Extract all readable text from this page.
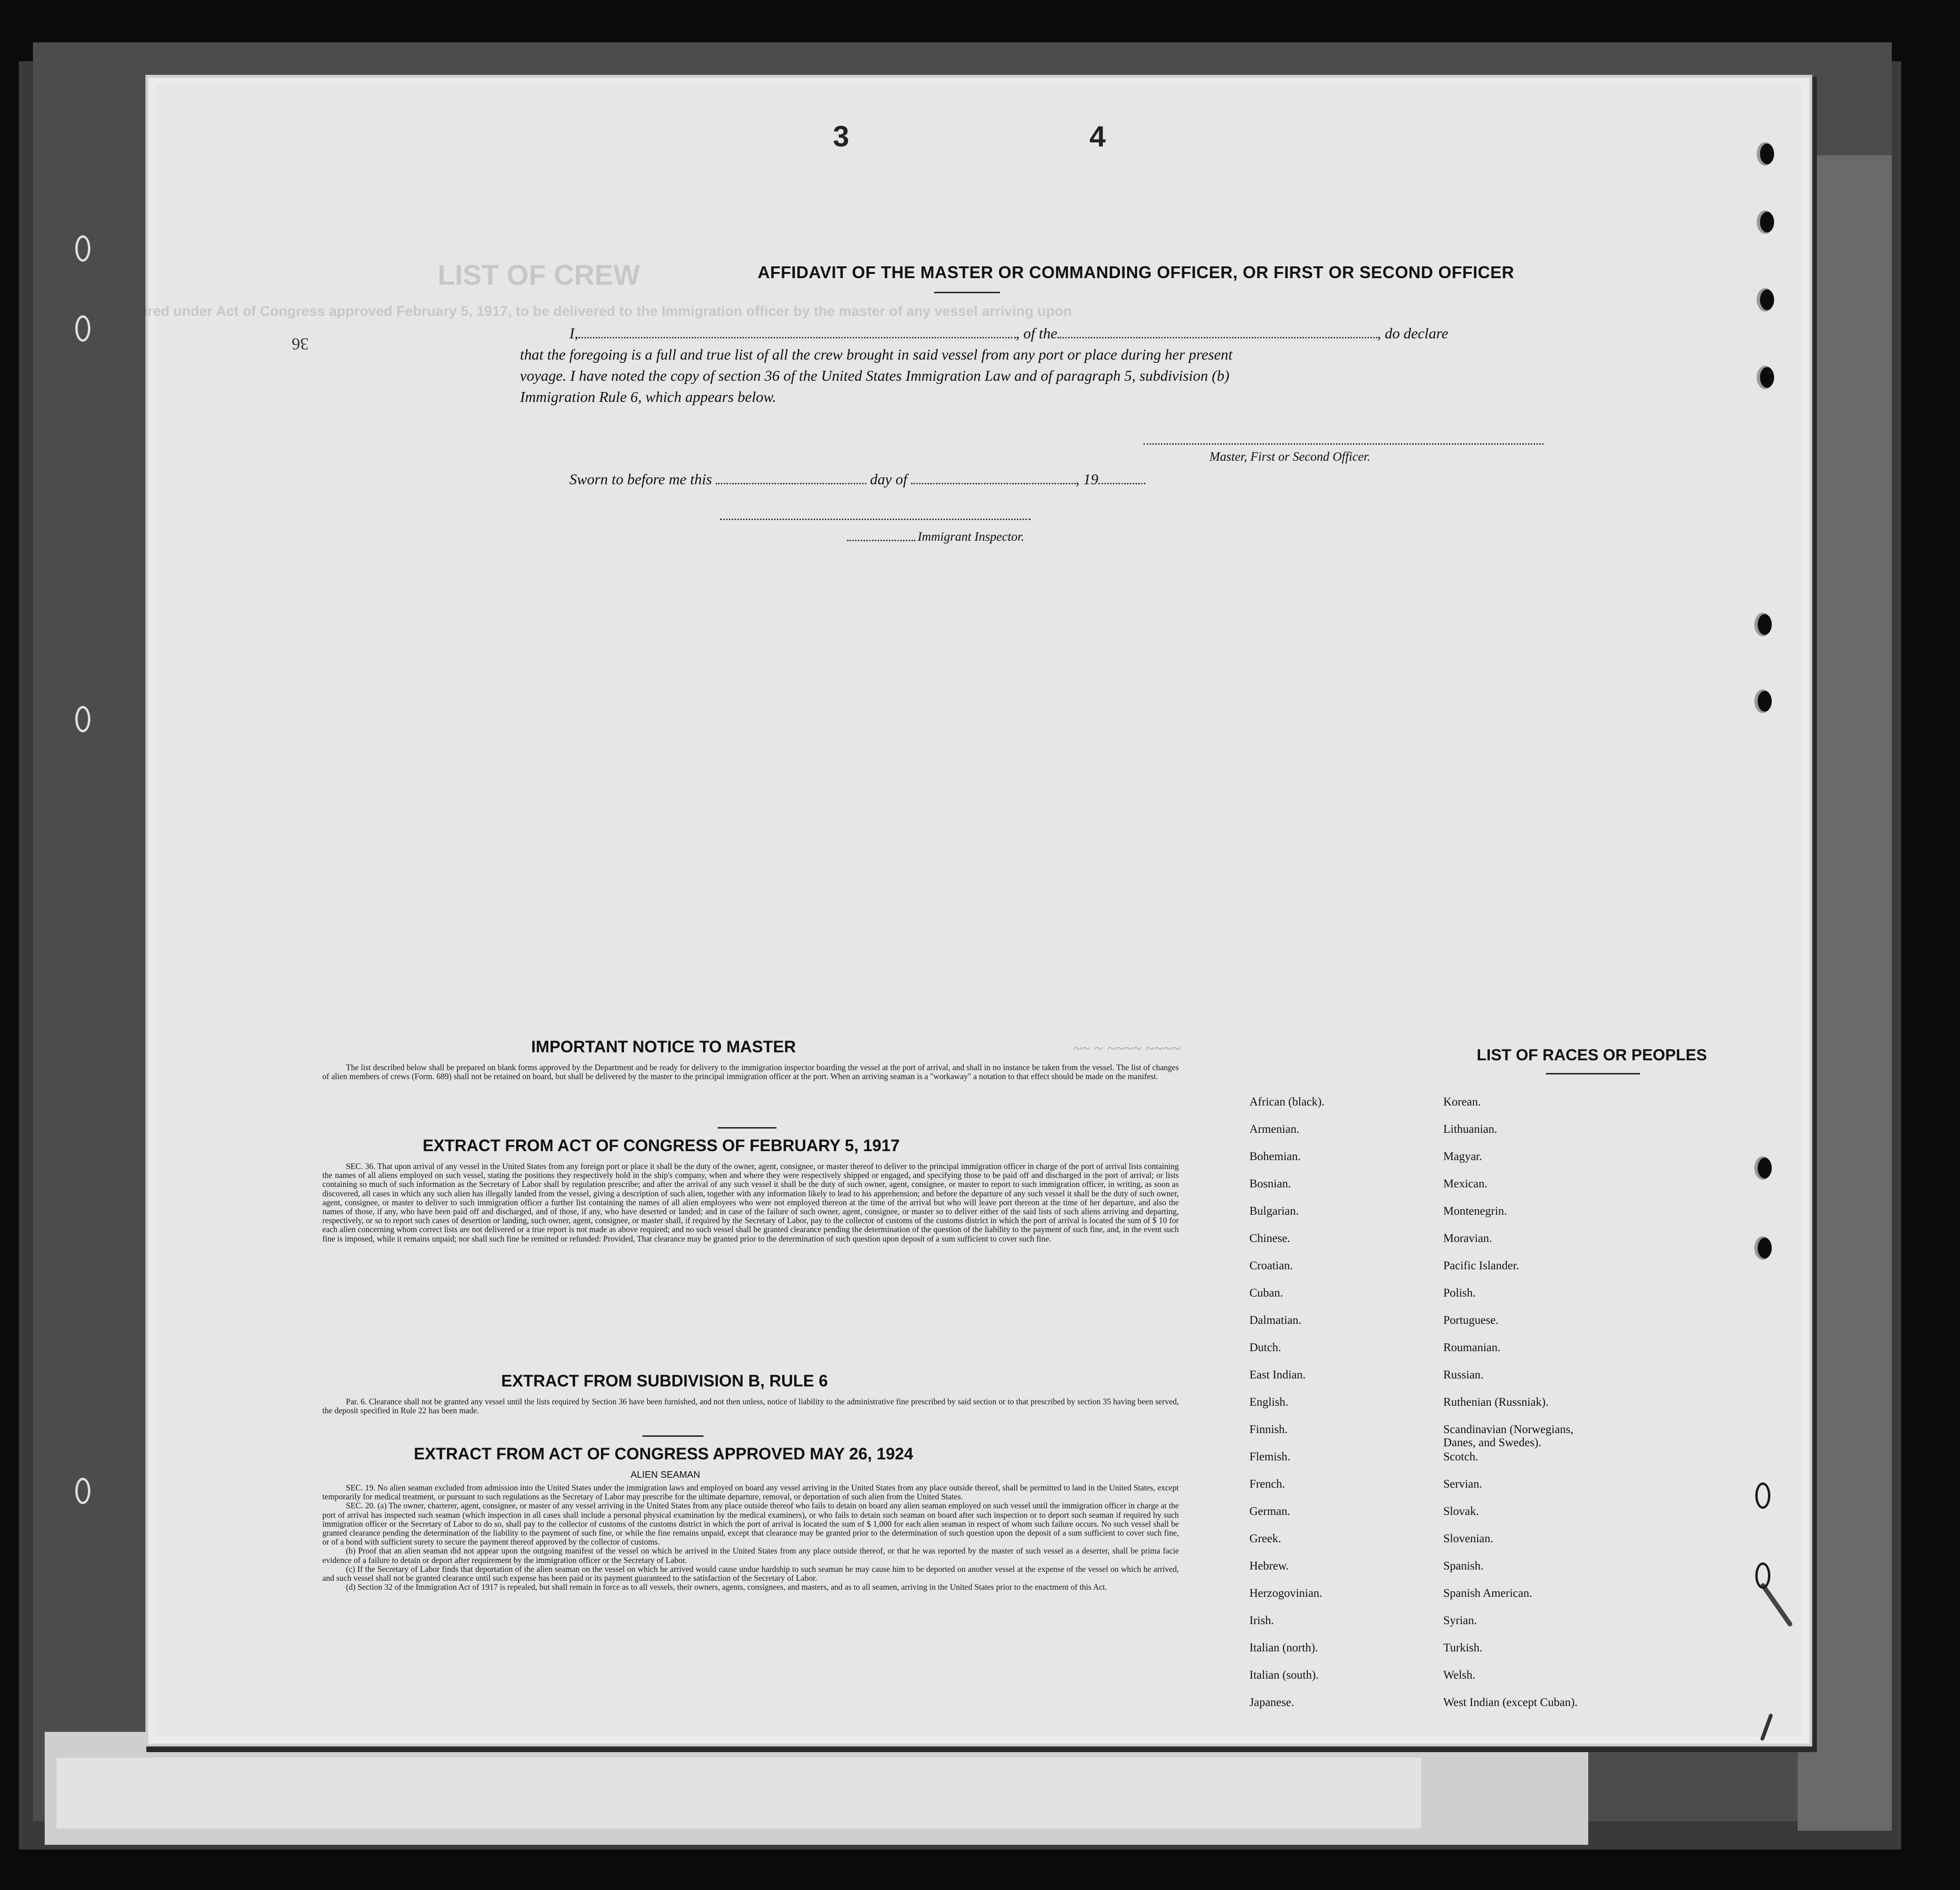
LIST OF CREW
Required under Act of Congress approved February 5, 1917, to be delivered to the Immigration officer by the master of any vessel arriving upon
3	4
36
AFFIDAVIT OF THE MASTER OR COMMANDING OFFICER, OR FIRST OR SECOND OFFICER
I,	, of the	, do declare
that the foregoing is a full and true list of all the crew brought in said vessel from any port or place during her present
voyage. I have noted the copy of section 36 of the United States Immigration Law and of paragraph 5, subdivision (b)
Immigration Rule 6, which appears below.
Master, First or Second Officer.
Sworn to before me this	day of	, 19
Immigrant Inspector.
~~ ~ ~~~~ ~~~~
IMPORTANT NOTICE TO MASTER

The list described below shall be prepared on blank forms approved by the Department and be ready for delivery to the immigration inspector boarding the vessel at the port of arrival, and shall in no instance be taken from the vessel. The list of changes of alien members of crews (Form. 689) shall not be retained on board, but shall be delivered by the master to the principal immigration officer at the port. When an arriving seaman is a "workaway" a notation to that effect should be made on the manifest.

EXTRACT FROM ACT OF CONGRESS OF FEBRUARY 5, 1917

SEC. 36. That upon arrival of any vessel in the United States from any foreign port or place it shall be the duty of the owner, agent, consignee, or master thereof to deliver to the principal immigration officer in charge of the port of arrival lists containing the names of all aliens employed on such vessel, stating the positions they respectively hold in the ship's company, when and where they were respectively shipped or engaged, and specifying those to be paid off and discharged in the port of arrival; or lists containing so much of such information as the Secretary of Labor shall by regulation prescribe; and after the arrival of any such vessel it shall be the duty of such owner, agent, consignee, or master to report to such immigration officer, in writing, as soon as discovered, all cases in which any such alien has illegally landed from the vessel, giving a description of such alien, together with any information likely to lead to his apprehension; and before the departure of any such vessel it shall be the duty of such owner, agent, consignee, or master to deliver to such immigration officer a further list containing the names of all alien employees who were not employed thereon at the time of the arrival but who will leave port thereon at the time of her departure, and also the names of those, if any, who have been paid off and discharged, and of those, if any, who have deserted or landed; and in case of the failure of such owner, agent, consignee, or master so to deliver either of the said lists of such aliens arriving and departing, respectively, or so to report such cases of desertion or landing, such owner, agent, consignee, or master shall, if required by the Secretary of Labor, pay to the collector of customs of the customs district in which the port of arrival is located the sum of $ 10 for each alien concerning whom correct lists are not delivered or a true report is not made as above required; and no such vessel shall be granted clearance pending the determination of the question of the liability to the payment of such fine, and, in the event such fine is imposed, while it remains unpaid; nor shall such fine be remitted or refunded: Provided, That clearance may be granted prior to the determination of such question upon deposit of a sum sufficient to cover such fine.

EXTRACT FROM SUBDIVISION B, RULE 6

Par. 6. Clearance shall not be granted any vessel until the lists required by Section 36 have been furnished, and not then unless, notice of liability to the administrative fine prescribed by said section or to that prescribed by section 35 having been served, the deposit specified in Rule 22 has been made.

EXTRACT FROM ACT OF CONGRESS APPROVED MAY 26, 1924
ALIEN SEAMAN

SEC. 19. No alien seaman excluded from admission into the United States under the immigration laws and employed on board any vessel arriving in the United States from any place outside thereof, shall be permitted to land in the United States, except temporarily for medical treatment, or pursuant to such regulations as the Secretary of Labor may prescribe for the ultimate departure, removal, or deportation of such alien from the United States.

SEC. 20. (a) The owner, charterer, agent, consignee, or master of any vessel arriving in the United States from any place outside thereof who fails to detain on board any alien seaman employed on such vessel until the immigration officer in charge at the port of arrival has inspected such seaman (which inspection in all cases shall include a personal physical examination by the medical examiners), or who fails to detain such seaman on board after such inspection or to deport such seaman if required by such immigration officer or the Secretary of Labor to do so, shall pay to the collector of customs of the customs district in which the port of arrival is located the sum of $ 1,000 for each alien seaman in respect of whom such failure occurs. No such vessel shall be granted clearance pending the determination of the liability to the payment of such fine, or while the fine remains unpaid, except that clearance may be granted prior to the determination of such question upon the deposit of a sum sufficient to cover such fine, or of a bond with sufficient surety to secure the payment thereof approved by the collector of customs.

(b) Proof that an alien seaman did not appear upon the outgoing manifest of the vessel on which he arrived in the United States from any place outside thereof, or that he was reported by the master of such vessel as a deserter, shall be prima facie evidence of a failure to detain or deport after requirement by the immigration officer or the Secretary of Labor.

(c) If the Secretary of Labor finds that deportation of the alien seaman on the vessel on which he arrived would cause undue hardship to such seaman he may cause him to be deported on another vessel at the expense of the vessel on which he arrived, and such vessel shall not be granted clearance until such expense has been paid or its payment guaranteed to the satisfaction of the Secretary of Labor.

(d) Section 32 of the Immigration Act of 1917 is repealed, but shall remain in force as to all vessels, their owners, agents, consignees, and masters, and as to all seamen, arriving in the United States prior to the enactment of this Act.

LIST OF RACES OR PEOPLES
African (black).
Armenian.
Bohemian.
Bosnian.
Bulgarian.
Chinese.
Croatian.
Cuban.
Dalmatian.
Dutch.
East Indian.
English.
Finnish.
Flemish.
French.
German.
Greek.
Hebrew.
Herzogovinian.
Irish.
Italian (north).
Italian (south).
Japanese.
Korean.
Lithuanian.
Magyar.
Mexican.
Montenegrin.
Moravian.
Pacific Islander.
Polish.
Portuguese.
Roumanian.
Russian.
Ruthenian (Russniak).
Scandinavian (Norwegians,
Danes, and Swedes).
Scotch.
Servian.
Slovak.
Slovenian.
Spanish.
Spanish American.
Syrian.
Turkish.
Welsh.
West Indian (except Cuban).
